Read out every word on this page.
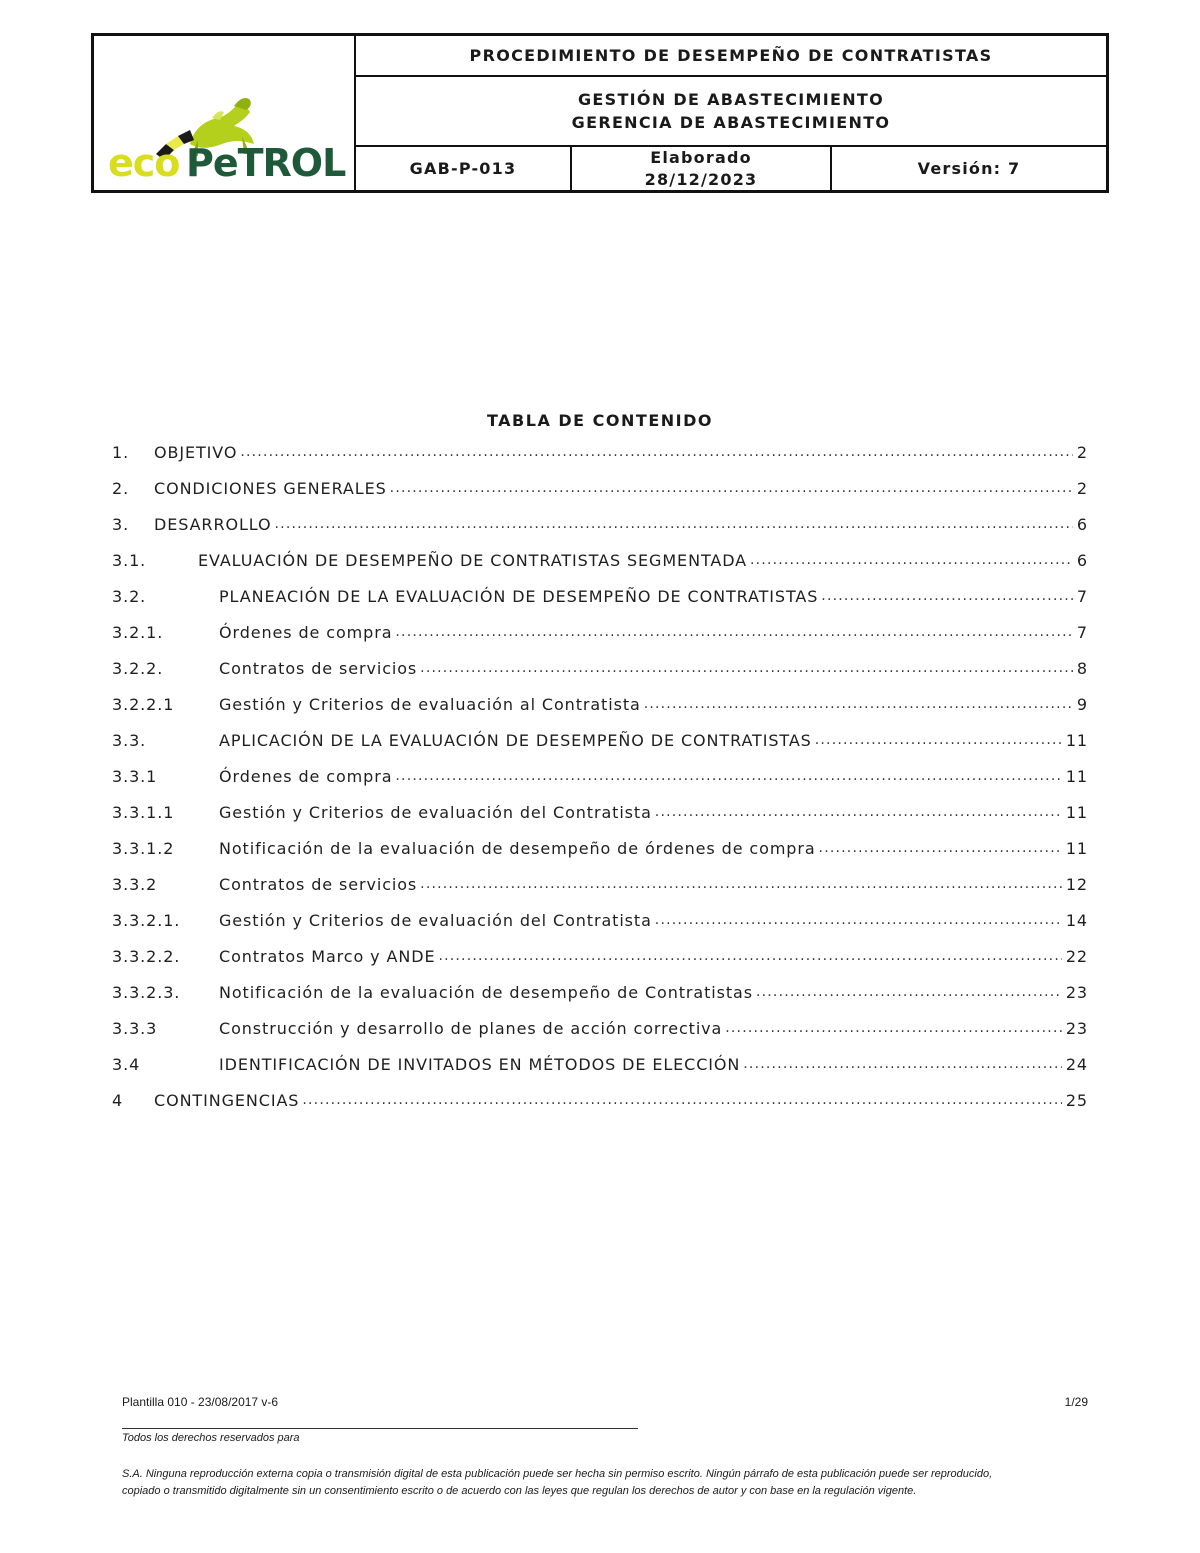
eco PeTROL
PROCEDIMIENTO DE DESEMPEÑO DE CONTRATISTAS
GESTIÓN DE ABASTECIMIENTO
GERENCIA DE ABASTECIMIENTO
GAB-P-013
Elaborado
28/12/2023
Versión: 7
TABLA DE CONTENIDO
1. OBJETIVO .....	2
2. CONDICIONES GENERALES .....	2
3. DESARROLLO .....	6
3.1.	EVALUACIÓN DE DESEMPEÑO DE CONTRATISTAS SEGMENTADA .....	6
3.2.	PLANEACIÓN DE LA EVALUACIÓN DE DESEMPEÑO DE CONTRATISTAS .....	7
3.2.1.	Órdenes de compra .....	7
3.2.2.	Contratos de servicios .....	8
3.2.2.1	Gestión y Criterios de evaluación al Contratista .....	9
3.3.	APLICACIÓN DE LA EVALUACIÓN DE DESEMPEÑO DE CONTRATISTAS .....	11
3.3.1	Órdenes de compra .....	11
3.3.1.1	Gestión y Criterios de evaluación del Contratista .....	11
3.3.1.2	Notificación de la evaluación de desempeño de órdenes de compra .....	11
3.3.2	Contratos de servicios .....	12
3.3.2.1. Gestión y Criterios de evaluación del Contratista .....	14
3.3.2.2. Contratos Marco y ANDE .....	22
3.3.2.3. Notificación de la evaluación de desempeño de Contratistas .....	23
3.3.3	Construcción y desarrollo de planes de acción correctiva .....	23
3.4	IDENTIFICACIÓN DE INVITADOS EN MÉTODOS DE ELECCIÓN .....	24
4 CONTINGENCIAS .....	25
Plantilla 010 - 23/08/2017 v-6	1/29
Todos los derechos reservados para
S.A. Ninguna reproducción externa copia o transmisión digital de esta publicación puede ser hecha sin permiso escrito. Ningún párrafo de esta publicación puede ser reproducido, copiado o transmitido digitalmente sin un consentimiento escrito o de acuerdo con las leyes que regulan los derechos de autor y con base en la regulación vigente.
